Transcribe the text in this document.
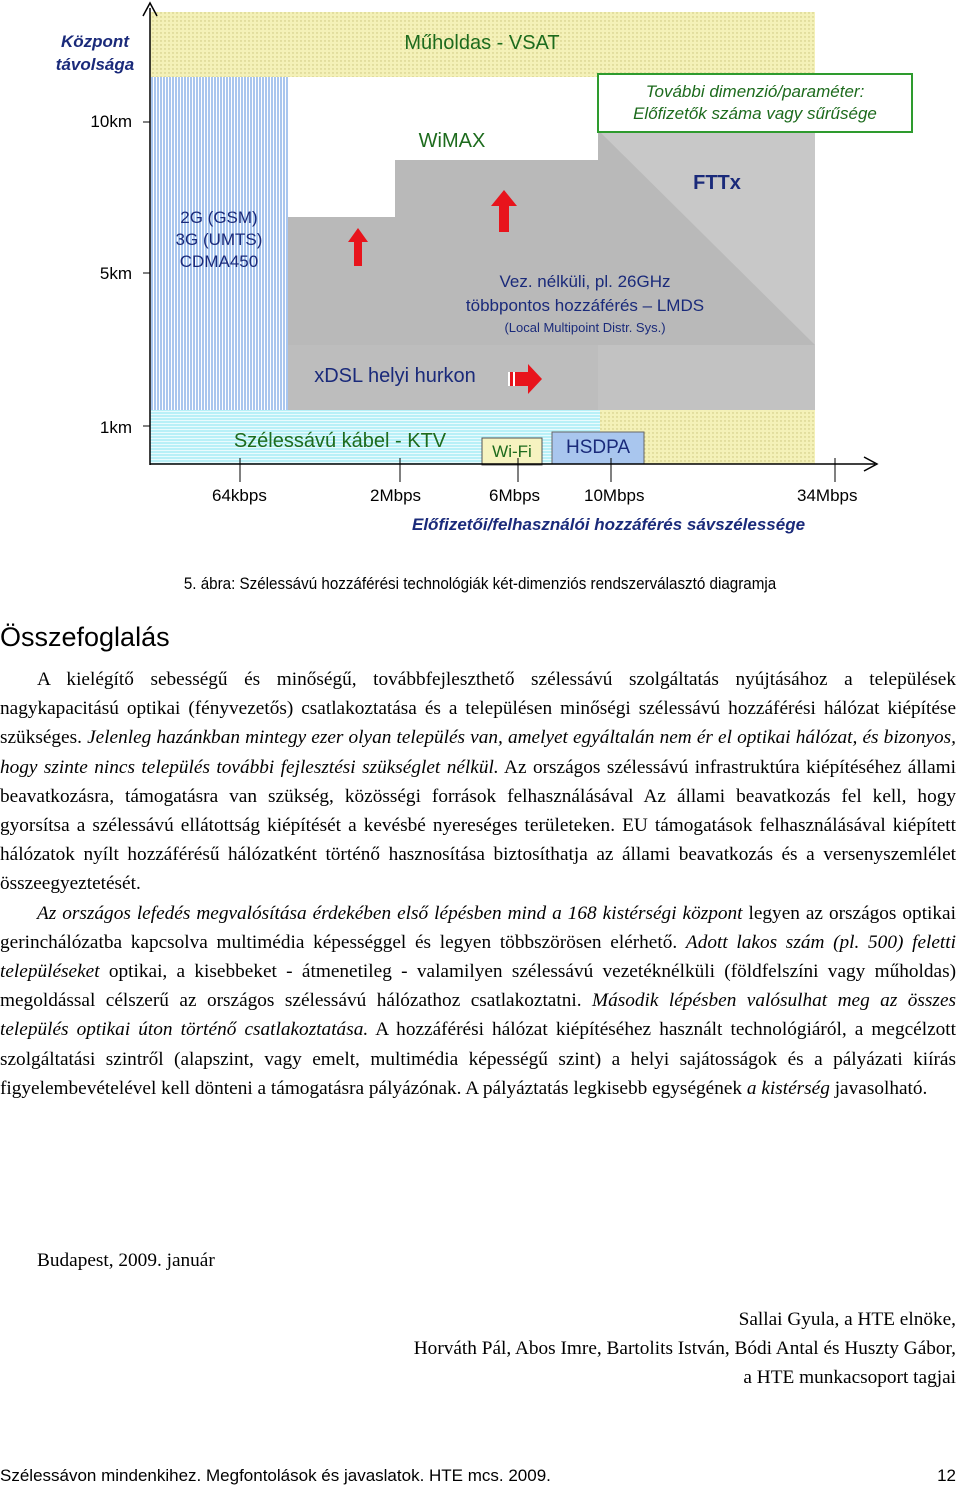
Központ
távolsága
10km
5km
1km
64kbps	2Mbps	6Mbps	10Mbps	34Mbps
Előfizetői/felhasználói hozzáférés sávszélessége
Műholdas - VSAT
További dimenzió/paraméter:
Előfizetők száma vagy sűrűsége
WiMAX
FTTx
2G (GSM)
3G (UMTS)
CDMA450
Vez. nélküli, pl. 26GHz
többpontos hozzáférés – LMDS
(Local Multipoint Distr. Sys.)
xDSL helyi hurkon
Szélessávú kábel - KTV	Wi-Fi	HSDPA
5. ábra: Szélessávú hozzáférési technológiák két-dimenziós rendszerválasztó diagramja
Összefoglalás

A kielégítő sebességű és minőségű, továbbfejleszthető szélessávú szolgáltatás nyújtásához a települések nagykapacitású optikai (fényvezetős) csatlakoztatása és a településen minőségi szélessávú hozzáférési hálózat kiépítése szükséges. Jelenleg hazánkban mintegy ezer olyan település van, amelyet egyáltalán nem ér el optikai hálózat, és bizonyos, hogy szinte nincs település további fejlesztési szükséglet nélkül. Az országos szélessávú infrastruktúra kiépítéséhez állami beavatkozásra, támogatásra van szükség, közösségi források felhasználásával Az állami beavatkozás fel kell, hogy gyorsítsa a szélessávú ellátottság kiépítését a kevésbé nyereséges területeken. EU támogatások felhasználásával kiépített hálózatok nyílt hozzáférésű hálózatként történő hasznosítása biztosíthatja az állami beavatkozás és a versenyszemlélet összeegyeztetését.

Az országos lefedés megvalósítása érdekében első lépésben mind a 168 kistérségi központ legyen az országos optikai gerinchálózatba kapcsolva multimédia képességgel és legyen többszörösen elérhető. Adott lakos szám (pl. 500) feletti településeket optikai, a kisebbeket - átmenetileg - valamilyen szélessávú vezetéknélküli (földfelszíni vagy műholdas) megoldással célszerű az országos szélessávú hálózathoz csatlakoztatni. Második lépésben valósulhat meg az összes település optikai úton történő csatlakoztatása. A hozzáférési hálózat kiépítéséhez használt technológiáról, a megcélzott szolgáltatási szintről (alapszint, vagy emelt, multimédia képességű szint) a helyi sajátosságok és a pályázati kiírás figyelembevételével kell dönteni a támogatásra pályázónak. A pályáztatás legkisebb egységének a kistérség javasolható.

Budapest, 2009. január
Sallai Gyula, a HTE elnöke,
Horváth Pál, Abos Imre, Bartolits István, Bódi Antal és Huszty Gábor,
a HTE munkacsoport tagjai
Szélessávon mindenkihez. Megfontolások és javaslatok. HTE mcs. 2009.	12
